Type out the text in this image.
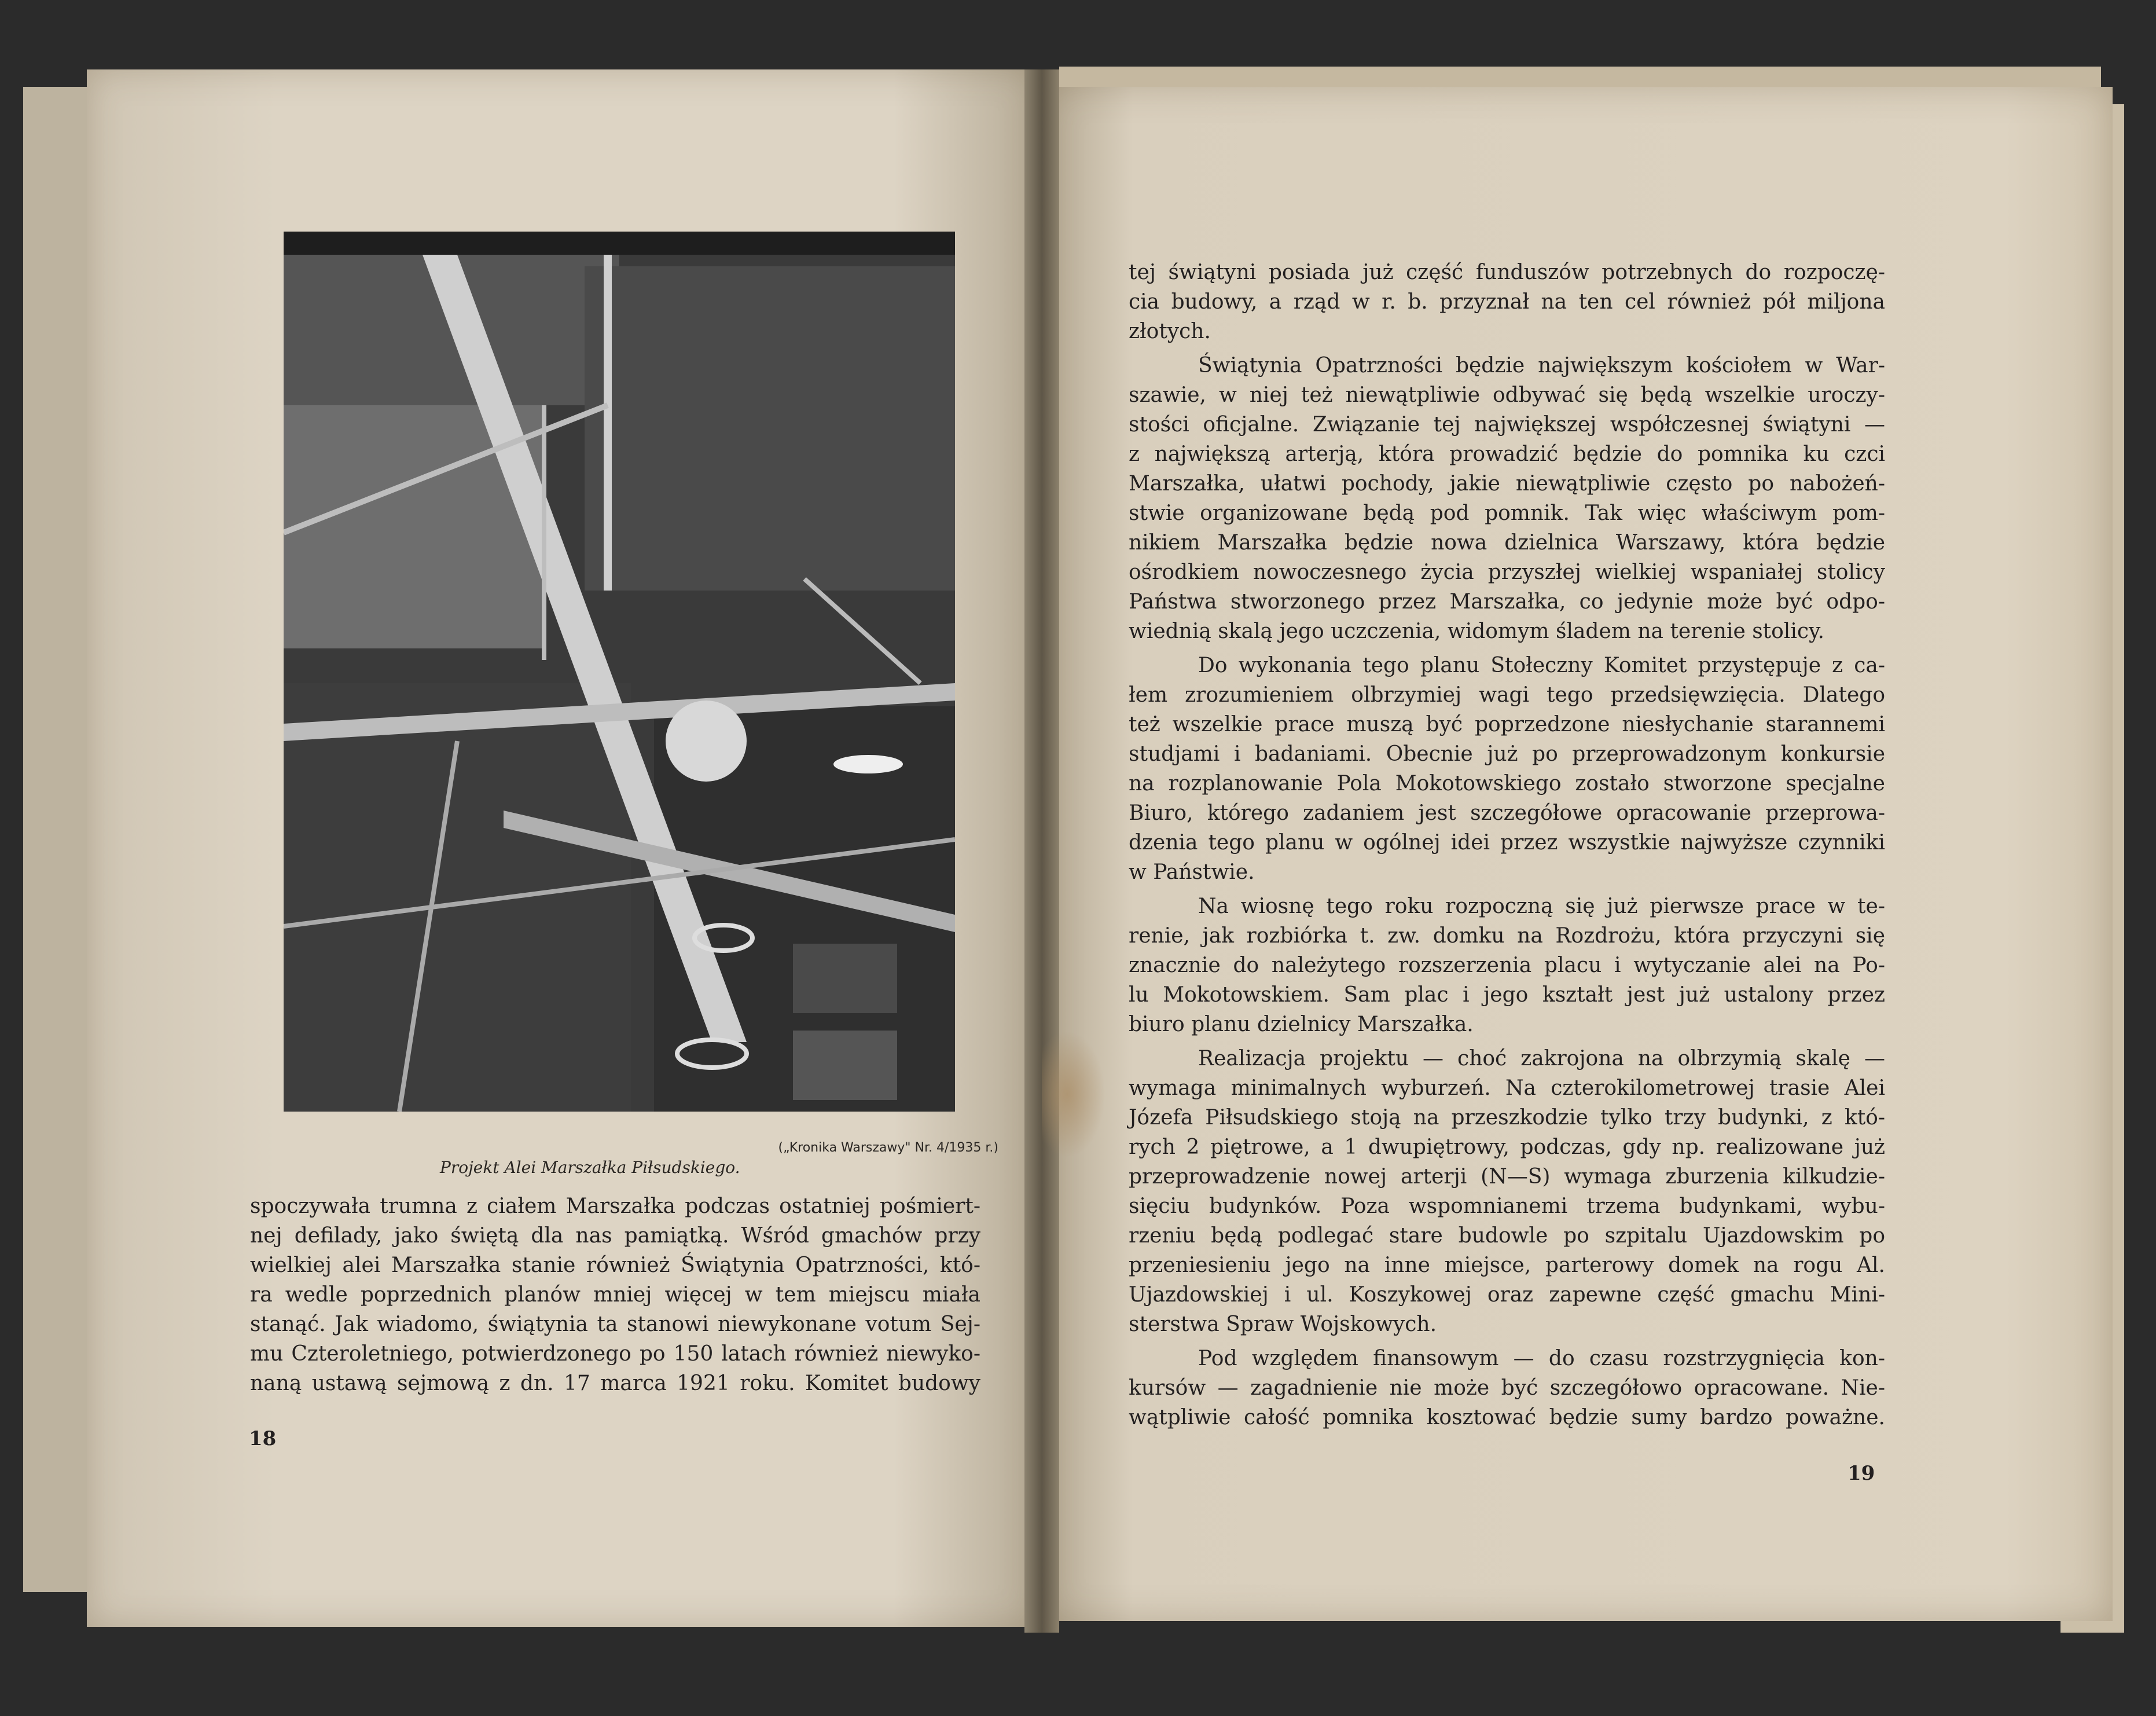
(„Kronika Warszawy" Nr. 4/1935 r.)
Projekt Alei Marszałka Piłsudskiego.

spoczywała trumna z ciałem Marszałka podczas ostatniej pośmiert-

nej defilady, jako świętą dla nas pamiątką. Wśród gmachów przy

wielkiej alei Marszałka stanie również Świątynia Opatrzności, któ-

ra wedle poprzednich planów mniej więcej w tem miejscu miała

stanąć. Jak wiadomo, świątynia ta stanowi niewykonane votum Sej-

mu Czteroletniego, potwierdzonego po 150 latach również niewyko-

naną ustawą sejmową z dn. 17 marca 1921 roku. Komitet budowy

18

tej świątyni posiada już część funduszów potrzebnych do rozpoczę-

cia budowy, a rząd w r. b. przyznał na ten cel również pół miljona

złotych.

Świątynia Opatrzności będzie największym kościołem w War-

szawie, w niej też niewątpliwie odbywać się będą wszelkie uroczy-

stości oficjalne. Związanie tej największej współczesnej świątyni —

z największą arterją, która prowadzić będzie do pomnika ku czci

Marszałka, ułatwi pochody, jakie niewątpliwie często po nabożeń-

stwie organizowane będą pod pomnik. Tak więc właściwym pom-

nikiem Marszałka będzie nowa dzielnica Warszawy, która będzie

ośrodkiem nowoczesnego życia przyszłej wielkiej wspaniałej stolicy

Państwa stworzonego przez Marszałka, co jedynie może być odpo-

wiednią skalą jego uczczenia, widomym śladem na terenie stolicy.

Do wykonania tego planu Stołeczny Komitet przystępuje z ca-

łem zrozumieniem olbrzymiej wagi tego przedsięwzięcia. Dlatego

też wszelkie prace muszą być poprzedzone niesłychanie starannemi

studjami i badaniami. Obecnie już po przeprowadzonym konkursie

na rozplanowanie Pola Mokotowskiego zostało stworzone specjalne

Biuro, którego zadaniem jest szczegółowe opracowanie przeprowa-

dzenia tego planu w ogólnej idei przez wszystkie najwyższe czynniki

w Państwie.

Na wiosnę tego roku rozpoczną się już pierwsze prace w te-

renie, jak rozbiórka t. zw. domku na Rozdrożu, która przyczyni się

znacznie do należytego rozszerzenia placu i wytyczanie alei na Po-

lu Mokotowskiem. Sam plac i jego kształt jest już ustalony przez

biuro planu dzielnicy Marszałka.

Realizacja projektu — choć zakrojona na olbrzymią skalę —

wymaga minimalnych wyburzeń. Na czterokilometrowej trasie Alei

Józefa Piłsudskiego stoją na przeszkodzie tylko trzy budynki, z któ-

rych 2 piętrowe, a 1 dwupiętrowy, podczas, gdy np. realizowane już

przeprowadzenie nowej arterji (N—S) wymaga zburzenia kilkudzie-

sięciu budynków. Poza wspomnianemi trzema budynkami, wybu-

rzeniu będą podlegać stare budowle po szpitalu Ujazdowskim po

przeniesieniu jego na inne miejsce, parterowy domek na rogu Al.

Ujazdowskiej i ul. Koszykowej oraz zapewne część gmachu Mini-

sterstwa Spraw Wojskowych.

Pod względem finansowym — do czasu rozstrzygnięcia kon-

kursów — zagadnienie nie może być szczegółowo opracowane. Nie-

wątpliwie całość pomnika kosztować będzie sumy bardzo poważne.

19
